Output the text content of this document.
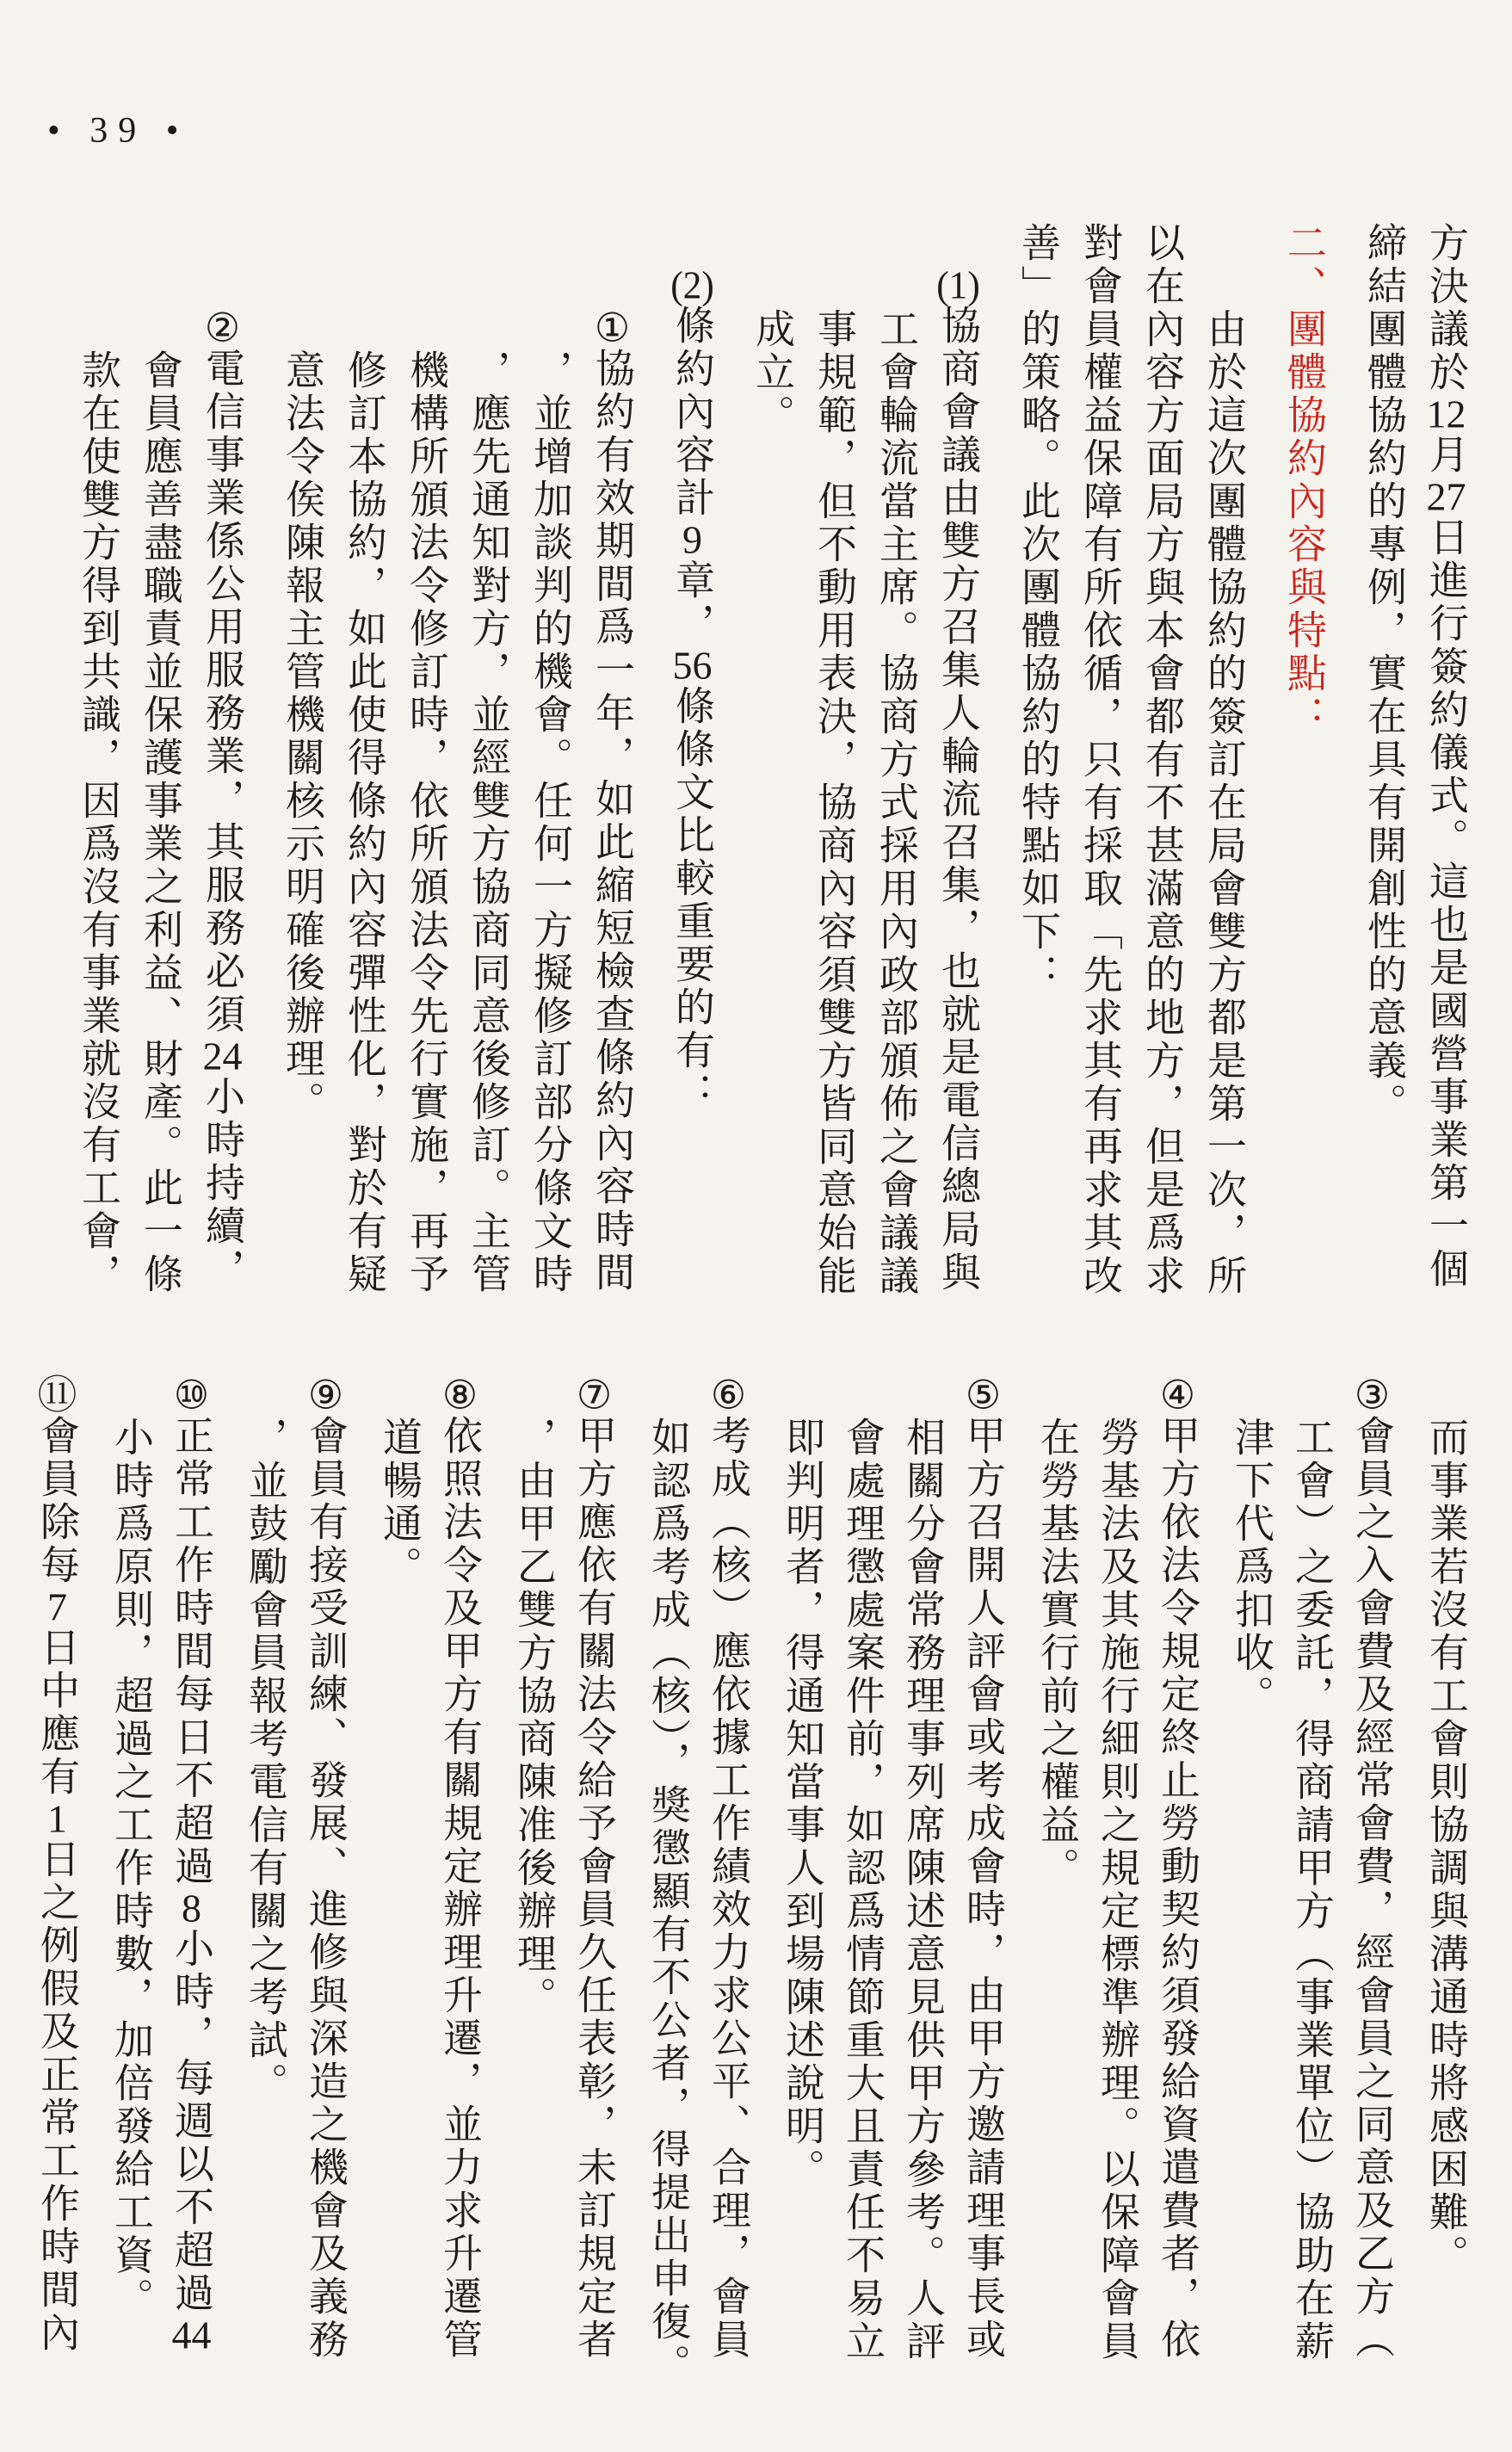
• 39 •
方決議於12月27日進行簽約儀式。這也是國營事業第一個
締結團體協約的專例，實在具有開創性的意義。
二、團體協約內容與特點：
由於這次團體協約的簽訂在局會雙方都是第一次，所
以在內容方面局方與本會都有不甚滿意的地方，但是爲求
對會員權益保障有所依循，只有採取「先求其有再求其改
善」的策略。此次團體協約的特點如下：
(1)協商會議由雙方召集人輪流召集，也就是電信總局與
工會輪流當主席。協商方式採用內政部頒佈之會議議
事規範，但不動用表決，協商內容須雙方皆同意始能
成立。
(2)條約內容計9章，56條條文比較重要的有：
①協約有效期間爲一年，如此縮短檢查條約內容時間
，並增加談判的機會。任何一方擬修訂部分條文時
，應先通知對方，並經雙方協商同意後修訂。主管
機構所頒法令修訂時，依所頒法令先行實施，再予
修訂本協約，如此使得條約內容彈性化，對於有疑
意法令俟陳報主管機關核示明確後辦理。
②電信事業係公用服務業，其服務必須24小時持續，
會員應善盡職責並保護事業之利益、財產。此一條
款在使雙方得到共識，因爲沒有事業就沒有工會，
而事業若沒有工會則協調與溝通時將感困難。
③會員之入會費及經常會費，經會員之同意及乙方（
工會）之委託，得商請甲方（事業單位）協助在薪
津下代爲扣收。
④甲方依法令規定終止勞動契約須發給資遣費者，依
勞基法及其施行細則之規定標準辦理。以保障會員
在勞基法實行前之權益。
⑤甲方召開人評會或考成會時，由甲方邀請理事長或
相關分會常務理事列席陳述意見供甲方參考。人評
會處理懲處案件前，如認爲情節重大且責任不易立
即判明者，得通知當事人到場陳述說明。
⑥考成（核）應依據工作績效力求公平、合理，會員
如認爲考成（核），獎懲顯有不公者，得提出申復。
⑦甲方應依有關法令給予會員久任表彰，未訂規定者
，由甲乙雙方協商陳准後辦理。
⑧依照法令及甲方有關規定辦理升遷，並力求升遷管
道暢通。
⑨會員有接受訓練、發展、進修與深造之機會及義務
，並鼓勵會員報考電信有關之考試。
⑩正常工作時間每日不超過8小時，每週以不超過44
小時爲原則，超過之工作時數，加倍發給工資。
⑪會員除每7日中應有1日之例假及正常工作時間內
